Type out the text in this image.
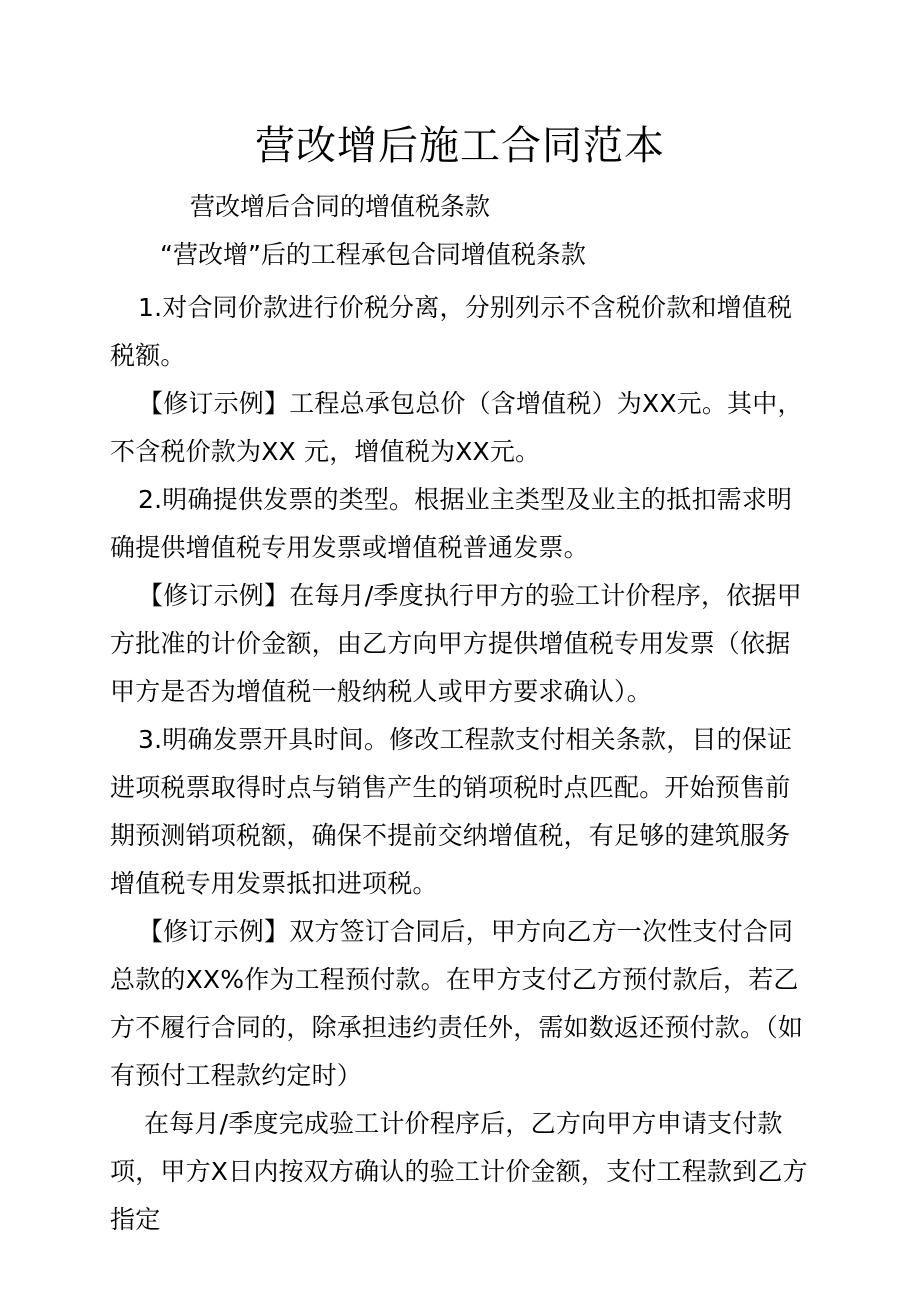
营改增后施工合同范本
营改增后合同的增值税条款
“营改增”后的工程承包合同增值税条款

1.对合同价款进行价税分离，分别列示不含税价款和增值税税额。

【修订示例】工程总承包总价（含增值税）为XX元。其中，不含税价款为XX 元，增值税为XX元。

2.明确提供发票的类型。根据业主类型及业主的抵扣需求明确提供增值税专用发票或增值税普通发票。

【修订示例】在每月/季度执行甲方的验工计价程序，依据甲方批准的计价金额，由乙方向甲方提供增值税专用发票（依据甲方是否为增值税一般纳税人或甲方要求确认）。

3.明确发票开具时间。修改工程款支付相关条款，目的保证进项税票取得时点与销售产生的销项税时点匹配。开始预售前期预测销项税额，确保不提前交纳增值税，有足够的建筑服务增值税专用发票抵扣进项税。

【修订示例】双方签订合同后，甲方向乙方一次性支付合同总款的XX%作为工程预付款。在甲方支付乙方预付款后，若乙方不履行合同的，除承担违约责任外，需如数返还预付款。（如有预付工程款约定时）

在每月/季度完成验工计价程序后，乙方向甲方申请支付款项，甲方X日内按双方确认的验工计价金额，支付工程款到乙方指定
